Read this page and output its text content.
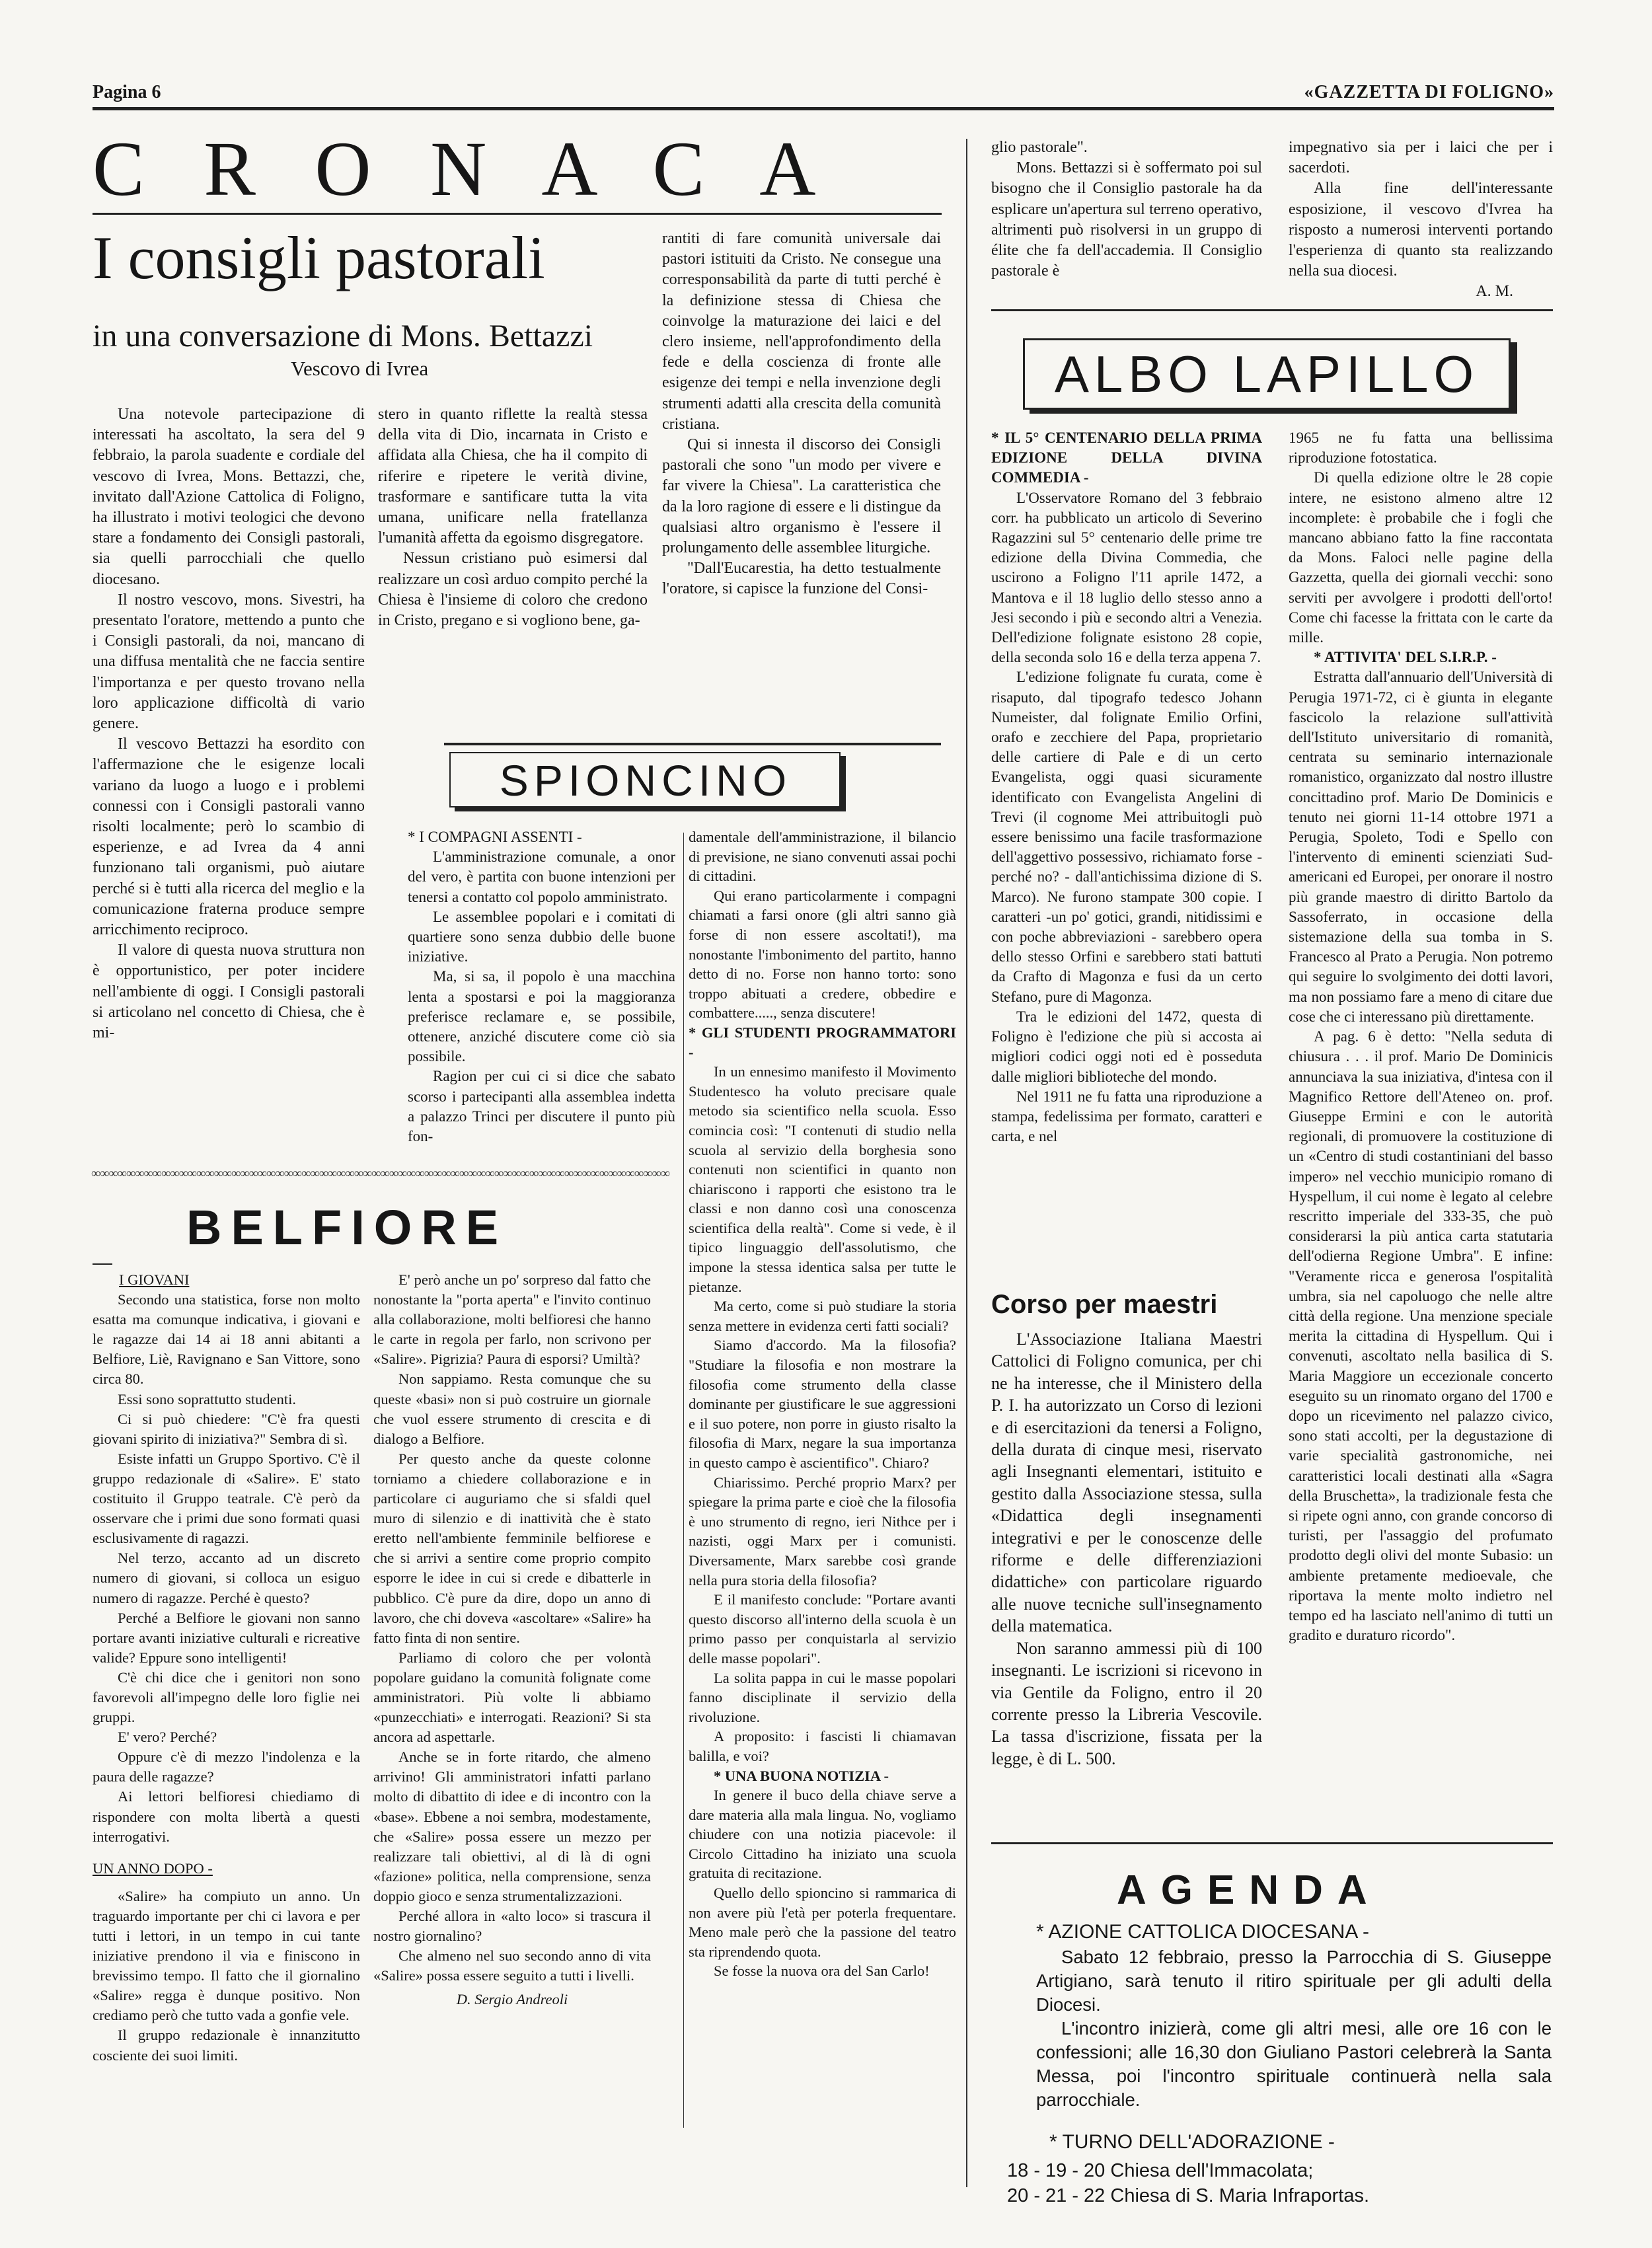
Pagina 6	«GAZZETTA DI FOLIGNO»
C R O N A C A
I consigli pastorali
in una conversazione di Mons. Bettazzi
Vescovo di Ivrea

Una notevole partecipazione di interessati ha ascoltato, la sera del 9 febbraio, la parola suadente e cordiale del vescovo di Ivrea, Mons. Bettazzi, che, invitato dall'Azione Cattolica di Foligno, ha illustrato i motivi teologici che devono stare a fondamento dei Consigli pastorali, sia quelli parrocchiali che quello diocesano.

Il nostro vescovo, mons. Sivestri, ha presentato l'oratore, mettendo a punto che i Consigli pastorali, da noi, mancano di una diffusa mentalità che ne faccia sentire l'importanza e per questo trovano nella loro applicazione difficoltà di vario genere.

Il vescovo Bettazzi ha esordito con l'affermazione che le esigenze locali variano da luogo a luogo e i problemi connessi con i Consigli pastorali vanno risolti localmente; però lo scambio di esperienze, e ad Ivrea da 4 anni funzionano tali organismi, può aiutare perché si è tutti alla ricerca del meglio e la comunicazione fraterna produce sempre arricchimento reciproco.

Il valore di questa nuova struttura non è opportunistico, per poter incidere nell'ambiente di oggi. I Consigli pastorali si articolano nel concetto di Chiesa, che è mi-

stero in quanto riflette la realtà stessa della vita di Dio, incarnata in Cristo e affidata alla Chiesa, che ha il compito di riferire e ripetere le verità divine, trasformare e santificare tutta la vita umana, unificare nella fratellanza l'umanità affetta da egoismo disgregatore.

Nessun cristiano può esimersi dal realizzare un così arduo compito perché la Chiesa è l'insieme di coloro che credono in Cristo, pregano e si vogliono bene, ga-

rantiti di fare comunità universale dai pastori istituiti da Cristo. Ne consegue una corresponsabilità da parte di tutti perché è la definizione stessa di Chiesa che coinvolge la maturazione dei laici e del clero insieme, nell'approfondimento della fede e della coscienza di fronte alle esigenze dei tempi e nella invenzione degli strumenti adatti alla crescita della comunità cristiana.

Qui si innesta il discorso dei Consigli pastorali che sono "un modo per vivere e far vivere la Chiesa". La caratteristica che da la loro ragione di essere e li distingue da qualsiasi altro organismo è l'essere il prolungamento delle assemblee liturgiche.

"Dall'Eucarestia, ha detto testualmente l'oratore, si capisce la funzione del Consi-

glio pastorale".

Mons. Bettazzi si è soffermato poi sul bisogno che il Consiglio pastorale ha da esplicare un'apertura sul terreno operativo, altrimenti può risolversi in un gruppo di élite che fa dell'accademia. Il Consiglio pastorale è

impegnativo sia per i laici che per i sacerdoti.

Alla fine dell'interessante esposizione, il vescovo d'Ivrea ha risposto a numerosi interventi portando l'esperienza di quanto sta realizzando nella sua diocesi.

A. M.
ALBO LAPILLO

* IL 5° CENTENARIO DELLA PRIMA EDIZIONE DELLA DIVINA COMMEDIA -

L'Osservatore Romano del 3 febbraio corr. ha pubblicato un articolo di Severino Ragazzini sul 5° centenario delle prime tre edizione della Divina Commedia, che uscirono a Foligno l'11 aprile 1472, a Mantova e il 18 luglio dello stesso anno a Jesi secondo i più e secondo altri a Venezia. Dell'edizione folignate esistono 28 copie, della seconda solo 16 e della terza appena 7.

L'edizione folignate fu curata, come è risaputo, dal tipografo tedesco Johann Numeister, dal folignate Emilio Orfini, orafo e zecchiere del Papa, proprietario delle cartiere di Pale e di un certo Evangelista, oggi quasi sicuramente identificato con Evangelista Angelini di Trevi (il cognome Mei attribuitogli può essere benissimo una facile trasformazione dell'aggettivo possessivo, richiamato forse - perché no? - dall'antichissima dizione di S. Marco). Ne furono stampate 300 copie. I caratteri -un po' gotici, grandi, nitidissimi e con poche abbreviazioni - sarebbero opera dello stesso Orfini e sarebbero stati battuti da Crafto di Magonza e fusi da un certo Stefano, pure di Magonza.

Tra le edizioni del 1472, questa di Foligno è l'edizione che più si accosta ai migliori codici oggi noti ed è posseduta dalle migliori biblioteche del mondo.

Nel 1911 ne fu fatta una riproduzione a stampa, fedelissima per formato, caratteri e carta, e nel

1965 ne fu fatta una bellissima riproduzione fotostatica.

Di quella edizione oltre le 28 copie intere, ne esistono almeno altre 12 incomplete: è probabile che i fogli che mancano abbiano fatto la fine raccontata da Mons. Faloci nelle pagine della Gazzetta, quella dei giornali vecchi: sono serviti per avvolgere i prodotti dell'orto! Come chi facesse la frittata con le carte da mille.

* ATTIVITA' DEL S.I.R.P. -

Estratta dall'annuario dell'Università di Perugia 1971-72, ci è giunta in elegante fascicolo la relazione sull'attività dell'Istituto universitario di romanità, centrata su seminario internazionale romanistico, organizzato dal nostro illustre concittadino prof. Mario De Dominicis e tenuto nei giorni 11-14 ottobre 1971 a Perugia, Spoleto, Todi e Spello con l'intervento di eminenti scienziati Sud-americani ed Europei, per onorare il nostro più grande maestro di diritto Bartolo da Sassoferrato, in occasione della sistemazione della sua tomba in S. Francesco al Prato a Perugia. Non potremo qui seguire lo svolgimento dei dotti lavori, ma non possiamo fare a meno di citare due cose che ci interessano più direttamente.

A pag. 6 è detto: "Nella seduta di chiusura . . . il prof. Mario De Dominicis annunciava la sua iniziativa, d'intesa con il Magnifico Rettore dell'Ateneo on. prof. Giuseppe Ermini e con le autorità regionali, di promuovere la costituzione di un «Centro di studi costantiniani del basso impero» nel vecchio municipio romano di Hyspellum, il cui nome è legato al celebre rescritto imperiale del 333-35, che può considerarsi la più antica carta statutaria dell'odierna Regione Umbra". E infine: "Veramente ricca e generosa l'ospitalità umbra, sia nel capoluogo che nelle altre città della regione. Una menzione speciale merita la cittadina di Hyspellum. Qui i convenuti, ascoltato nella basilica di S. Maria Maggiore un eccezionale concerto eseguito su un rinomato organo del 1700 e dopo un ricevimento nel palazzo civico, sono stati accolti, per la degustazione di varie specialità gastronomiche, nei caratteristici locali destinati alla «Sagra della Bruschetta», la tradizionale festa che si ripete ogni anno, con grande concorso di turisti, per l'assaggio del profumato prodotto degli olivi del monte Subasio: un ambiente pretamente medioevale, che riportava la mente molto indietro nel tempo ed ha lasciato nell'animo di tutti un gradito e duraturo ricordo".

Corso per maestri

L'Associazione Italiana Maestri Cattolici di Foligno comunica, per chi ne ha interesse, che il Ministero della P. I. ha autorizzato un Corso di lezioni e di esercitazioni da tenersi a Foligno, della durata di cinque mesi, riservato agli Insegnanti elementari, istituito e gestito dalla Associazione stessa, sulla «Didattica degli insegnamenti integrativi e per le conoscenze delle riforme e delle differenziazioni didattiche» con particolare riguardo alle nuove tecniche sull'insegnamento della matematica.

Non saranno ammessi più di 100 insegnanti. Le iscrizioni si ricevono in via Gentile da Foligno, entro il 20 corrente presso la Libreria Vescovile. La tassa d'iscrizione, fissata per la legge, è di L. 500.

AGENDA
* AZIONE CATTOLICA DIOCESANA -

Sabato 12 febbraio, presso la Parrocchia di S. Giuseppe Artigiano, sarà tenuto il ritiro spirituale per gli adulti della Diocesi.

L'incontro inizierà, come gli altri mesi, alle ore 16 con le confessioni; alle 16,30 don Giuliano Pastori celebrerà la Santa Messa, poi l'incontro spirituale continuerà nella sala parrocchiale.

* TURNO DELL'ADORAZIONE -
18 - 19 - 20 Chiesa dell'Immacolata;
20 - 21 - 22 Chiesa di S. Maria Infraportas.
SPIONCINO

* I COMPAGNI ASSENTI -

L'amministrazione comunale, a onor del vero, è partita con buone intenzioni per tenersi a contatto col popolo amministrato.

Le assemblee popolari e i comitati di quartiere sono senza dubbio delle buone iniziative.

Ma, si sa, il popolo è una macchina lenta a spostarsi e poi la maggioranza preferisce reclamare e, se possibile, ottenere, anziché discutere come ciò sia possibile.

Ragion per cui ci si dice che sabato scorso i partecipanti alla assemblea indetta a palazzo Trinci per discutere il punto più fon-

damentale dell'amministrazione, il bilancio di previsione, ne siano convenuti assai pochi di cittadini.

Qui erano particolarmente i compagni chiamati a farsi onore (gli altri sanno già forse di non essere ascoltati!), ma nonostante l'imbonimento del partito, hanno detto di no. Forse non hanno torto: sono troppo abituati a credere, obbedire e combattere....., senza discutere!

* GLI STUDENTI PROGRAMMATORI -

In un ennesimo manifesto il Movimento Studentesco ha voluto precisare quale metodo sia scientifico nella scuola. Esso comincia così: "I contenuti di studio nella scuola al servizio della borghesia sono contenuti non scientifici in quanto non chiariscono i rapporti che esistono tra le classi e non danno così una conoscenza scientifica della realtà". Come si vede, è il tipico linguaggio dell'assolutismo, che impone la stessa identica salsa per tutte le pietanze.

Ma certo, come si può studiare la storia senza mettere in evidenza certi fatti sociali?

Siamo d'accordo. Ma la filosofia? "Studiare la filosofia e non mostrare la filosofia come strumento della classe dominante per giustificare le sue aggressioni e il suo potere, non porre in giusto risalto la filosofia di Marx, negare la sua importanza in questo campo è ascientifico". Chiaro?

Chiarissimo. Perché proprio Marx? per spiegare la prima parte e cioè che la filosofia è uno strumento di regno, ieri Nithce per i nazisti, oggi Marx per i comunisti. Diversamente, Marx sarebbe così grande nella pura storia della filosofia?

E il manifesto conclude: "Portare avanti questo discorso all'interno della scuola è un primo passo per conquistarla al servizio delle masse popolari".

La solita pappa in cui le masse popolari fanno disciplinate il servizio della rivoluzione.

A proposito: i fascisti li chiamavan balilla, e voi?

* UNA BUONA NOTIZIA -

In genere il buco della chiave serve a dare materia alla mala lingua. No, vogliamo chiudere con una notizia piacevole: il Circolo Cittadino ha iniziato una scuola gratuita di recitazione.

Quello dello spioncino si rammarica di non avere più l'età per poterla frequentare. Meno male però che la passione del teatro sta riprendendo quota.

Se fosse la nuova ora del San Carlo!

∞∞∞∞∞∞∞∞∞∞∞∞∞∞∞∞∞∞∞∞∞∞∞∞∞∞∞∞∞∞∞∞∞∞∞∞∞∞∞∞∞∞∞∞∞∞∞∞∞∞∞∞∞∞∞∞∞∞∞∞∞∞∞∞∞∞
BELFIORE

I GIOVANI

Secondo una statistica, forse non molto esatta ma comunque indicativa, i giovani e le ragazze dai 14 ai 18 anni abitanti a Belfiore, Liè, Ravignano e San Vittore, sono circa 80.

Essi sono soprattutto studenti.

Ci si può chiedere: "C'è fra questi giovani spirito di iniziativa?" Sembra di sì.

Esiste infatti un Gruppo Sportivo. C'è il gruppo redazionale di «Salire». E' stato costituito il Gruppo teatrale. C'è però da osservare che i primi due sono formati quasi esclusivamente di ragazzi.

Nel terzo, accanto ad un discreto numero di giovani, si colloca un esiguo numero di ragazze. Perché è questo?

Perché a Belfiore le giovani non sanno portare avanti iniziative culturali e ricreative valide? Eppure sono intelligenti!

C'è chi dice che i genitori non sono favorevoli all'impegno delle loro figlie nei gruppi.

E' vero? Perché?

Oppure c'è di mezzo l'indolenza e la paura delle ragazze?

Ai lettori belfioresi chiediamo di rispondere con molta libertà a questi interrogativi.

UN ANNO DOPO -

«Salire» ha compiuto un anno. Un traguardo importante per chi ci lavora e per tutti i lettori, in un tempo in cui tante iniziative prendono il via e finiscono in brevissimo tempo. Il fatto che il giornalino «Salire» regga è dunque positivo. Non crediamo però che tutto vada a gonfie vele.

Il gruppo redazionale è innanzitutto cosciente dei suoi limiti.

E' però anche un po' sorpreso dal fatto che nonostante la "porta aperta" e l'invito continuo alla collaborazione, molti belfioresi che hanno le carte in regola per farlo, non scrivono per «Salire». Pigrizia? Paura di esporsi? Umiltà?

Non sappiamo. Resta comunque che su queste «basi» non si può costruire un giornale che vuol essere strumento di crescita e di dialogo a Belfiore.

Per questo anche da queste colonne torniamo a chiedere collaborazione e in particolare ci auguriamo che si sfaldi quel muro di silenzio e di inattività che è stato eretto nell'ambiente femminile belfiorese e che si arrivi a sentire come proprio compito esporre le idee in cui si crede e dibatterle in pubblico. C'è pure da dire, dopo un anno di lavoro, che chi doveva «ascoltare» «Salire» ha fatto finta di non sentire.

Parliamo di coloro che per volontà popolare guidano la comunità folignate come amministratori. Più volte li abbiamo «punzecchiati» e interrogati. Reazioni? Si sta ancora ad aspettarle.

Anche se in forte ritardo, che almeno arrivino! Gli amministratori infatti parlano molto di dibattito di idee e di incontro con la «base». Ebbene a noi sembra, modestamente, che «Salire» possa essere un mezzo per realizzare tali obiettivi, al di là di ogni «fazione» politica, nella comprensione, senza doppio gioco e senza strumentalizzazioni.

Perché allora in «alto loco» si trascura il nostro giornalino?

Che almeno nel suo secondo anno di vita «Salire» possa essere seguito a tutti i livelli.

D. Sergio Andreoli
